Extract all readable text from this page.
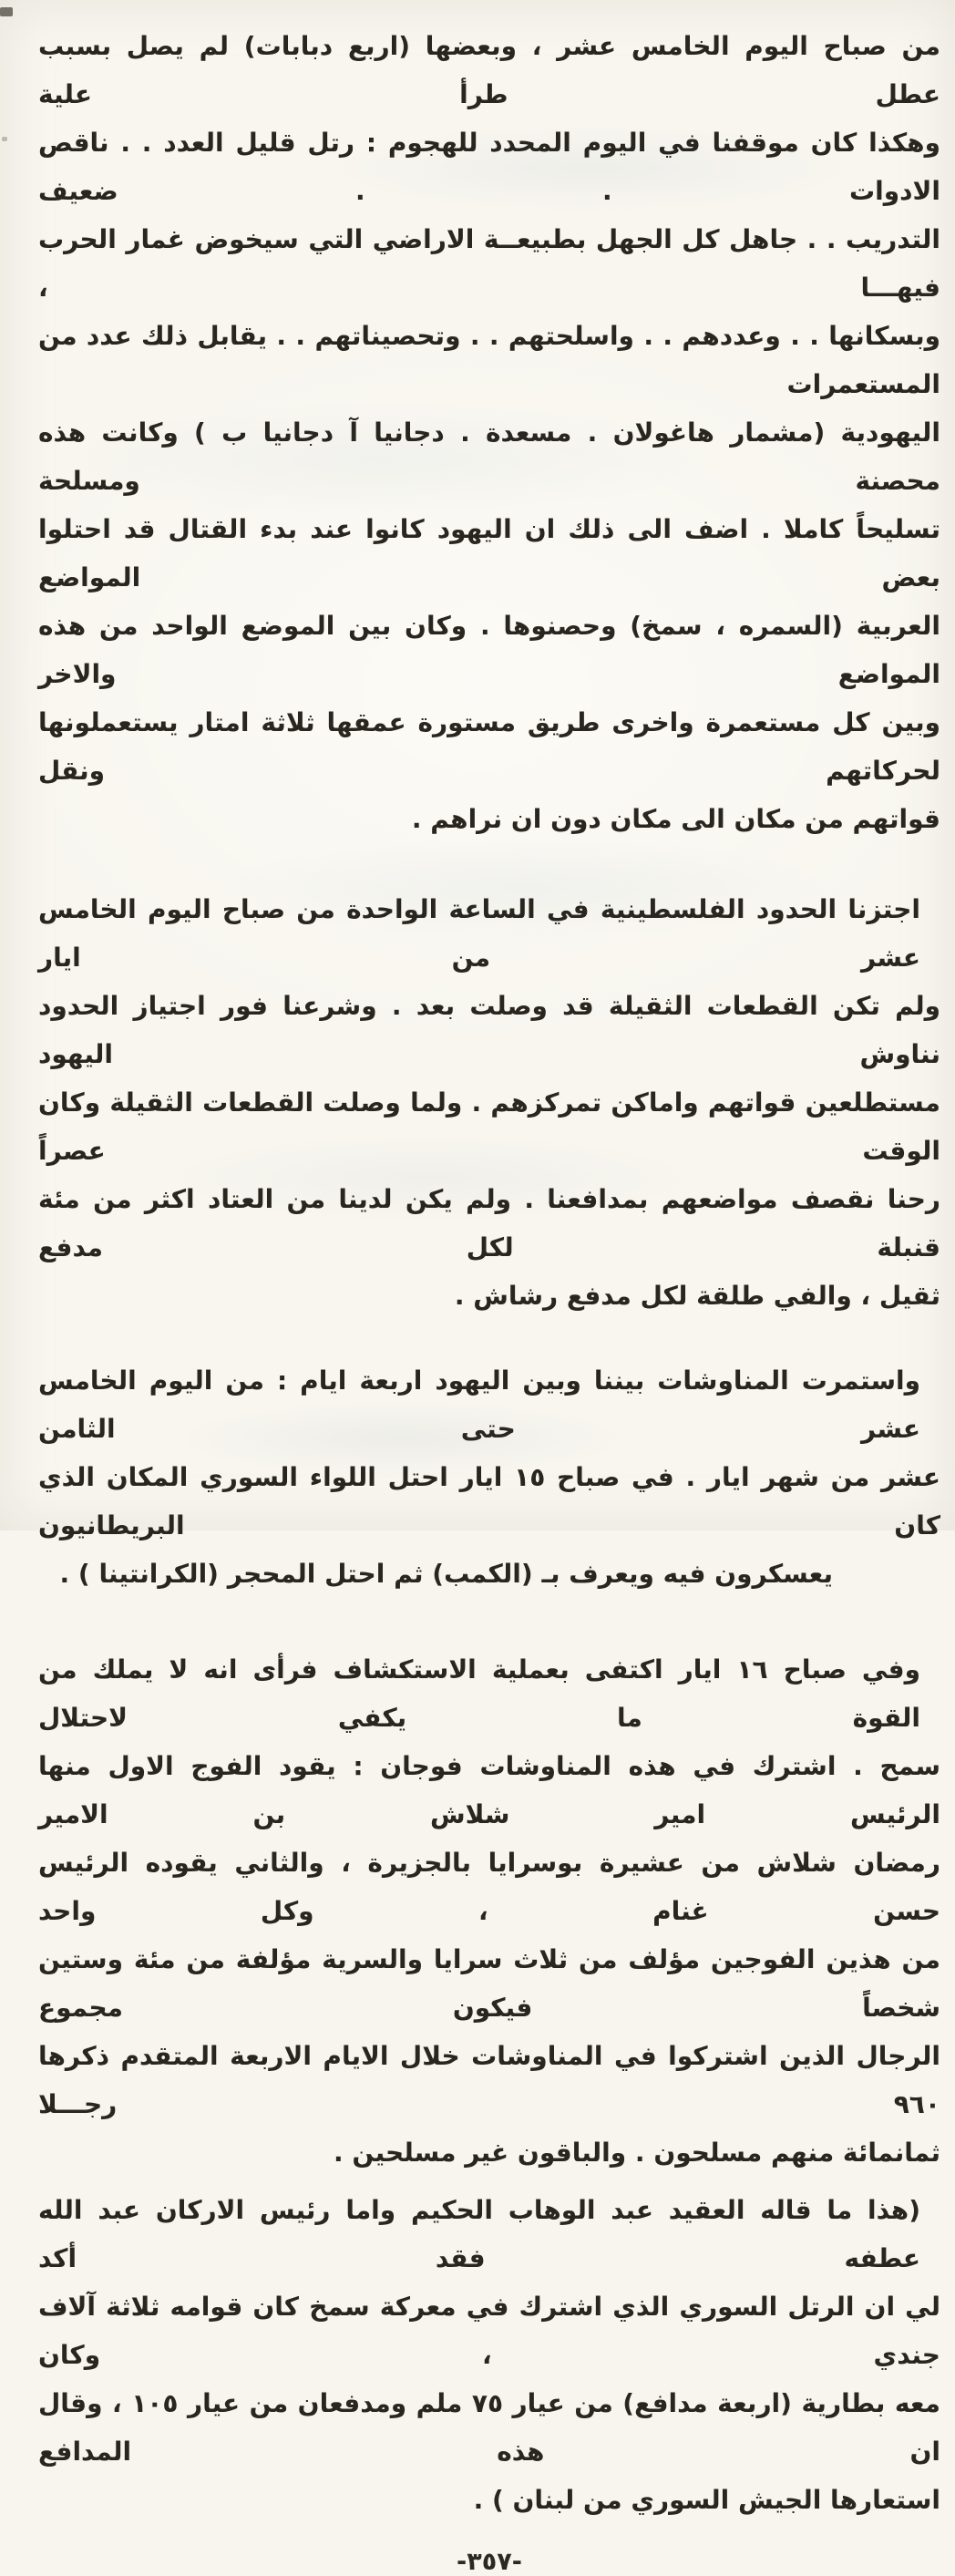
من صباح اليوم الخامس عشر ، وبعضها (اربع دبابات) لم يصل بسبب عطل طرأ علية
وهكذا كان موقفنا في اليوم المحدد للهجوم : رتل قليل العدد . . ناقص الادوات . . ضعيف
التدريب . . جاهل كل الجهل بطبيعــة الاراضي التي سيخوض غمار الحرب فيهـــا ،
وبسكانها . . وعددهم . . واسلحتهم . . وتحصيناتهم . . يقابل ذلك عدد من المستعمرات
اليهودية (مشمار هاغولان . مسعدة . دجانيا آ دجانيا ب ) وكانت هذه محصنة ومسلحة
تسليحاً كاملا . اضف الى ذلك ان اليهود كانوا عند بدء القتال قد احتلوا بعض المواضع
العربية (السمره ، سمخ) وحصنوها . وكان بين الموضع الواحد من هذه المواضع والاخر
وبين كل مستعمرة واخرى طريق مستورة عمقها ثلاثة امتار يستعملونها لحركاتهم ونقل
قواتهم من مكان الى مكان دون ان نراهم .
اجتزنا الحدود الفلسطينية في الساعة الواحدة من صباح اليوم الخامس عشر من ايار
ولم تكن القطعات الثقيلة قد وصلت بعد . وشرعنا فور اجتياز الحدود نناوش اليهود
مستطلعين قواتهم واماكن تمركزهم . ولما وصلت القطعات الثقيلة وكان الوقت عصراً
رحنا نقصف مواضعهم بمدافعنا . ولم يكن لدينا من العتاد اكثر من مئة قنبلة لكل مدفع
ثقيل ، والفي طلقة لكل مدفع رشاش .
واستمرت المناوشات بيننا وبين اليهود اربعة ايام : من اليوم الخامس عشر حتى الثامن
عشر من شهر ايار . في صباح ١٥ ايار احتل اللواء السوري المكان الذي كان البريطانيون
يعسكرون فيه ويعرف بـ (الكمب) ثم احتل المحجر (الكرانتينا ) .
وفي صباح ١٦ ايار اكتفى بعملية الاستكشاف فرأى انه لا يملك من القوة ما يكفي لاحتلال
سمح . اشترك في هذه المناوشات فوجان : يقود الفوج الاول منها الرئيس امير شلاش بن الامير
رمضان شلاش من عشيرة بوسرايا بالجزيرة ، والثاني يقوده الرئيس حسن غنام ، وكل واحد
من هذين الفوجين مؤلف من ثلاث سرايا والسرية مؤلفة من مئة وستين شخصاً فيكون مجموع
الرجال الذين اشتركوا في المناوشات خلال الايام الاربعة المتقدم ذكرها ٩٦٠ رجـــلا
ثمانمائة منهم مسلحون . والباقون غير مسلحين .
(هذا ما قاله العقيد عبد الوهاب الحكيم واما رئيس الاركان عبد الله عطفه فقد أكد
لي ان الرتل السوري الذي اشترك في معركة سمخ كان قوامه ثلاثة آلاف جندي ، وكان
معه بطارية (اربعة مدافع) من عيار ٧٥ ملم ومدفعان من عيار ١٠٥ ، وقال ان هذه المدافع
استعارها الجيش السوري من لبنان ) .
-٣٥٧-
